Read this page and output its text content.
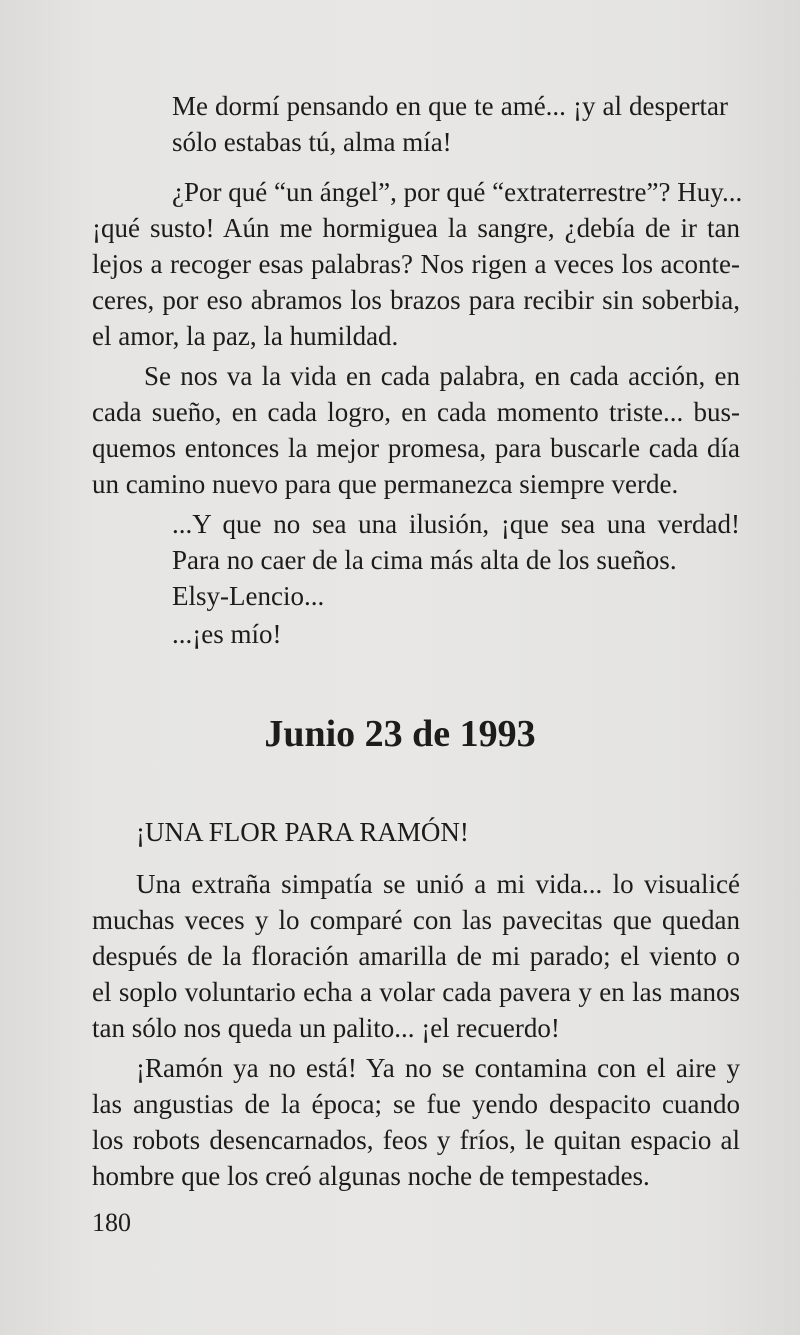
Me dormí pensando en que te amé... ¡y al despertar
sólo estabas tú, alma mía!
¿Por qué “un ángel”, por qué “extraterrestre”? Huy...
¡qué susto! Aún me hormiguea la sangre, ¿debía de ir tan
lejos a recoger esas palabras? Nos rigen a veces los aconte-
ceres, por eso abramos los brazos para recibir sin soberbia,
el amor, la paz, la humildad.
Se nos va la vida en cada palabra, en cada acción, en
cada sueño, en cada logro, en cada momento triste... bus-
quemos entonces la mejor promesa, para buscarle cada día
un camino nuevo para que permanezca siempre verde.
...Y que no sea una ilusión, ¡que sea una verdad!
Para no caer de la cima más alta de los sueños.

Elsy-Lencio...

...¡es mío!

Junio 23 de 1993

¡UNA FLOR PARA RAMÓN!

Una extraña simpatía se unió a mi vida... lo visualicé
muchas veces y lo comparé con las pavecitas que quedan
después de la floración amarilla de mi parado; el viento o
el soplo voluntario echa a volar cada pavera y en las manos
tan sólo nos queda un palito... ¡el recuerdo!
¡Ramón ya no está! Ya no se contamina con el aire y
las angustias de la época; se fue yendo despacito cuando
los robots desencarnados, feos y fríos, le quitan espacio al
hombre que los creó algunas noche de tempestades.

180
